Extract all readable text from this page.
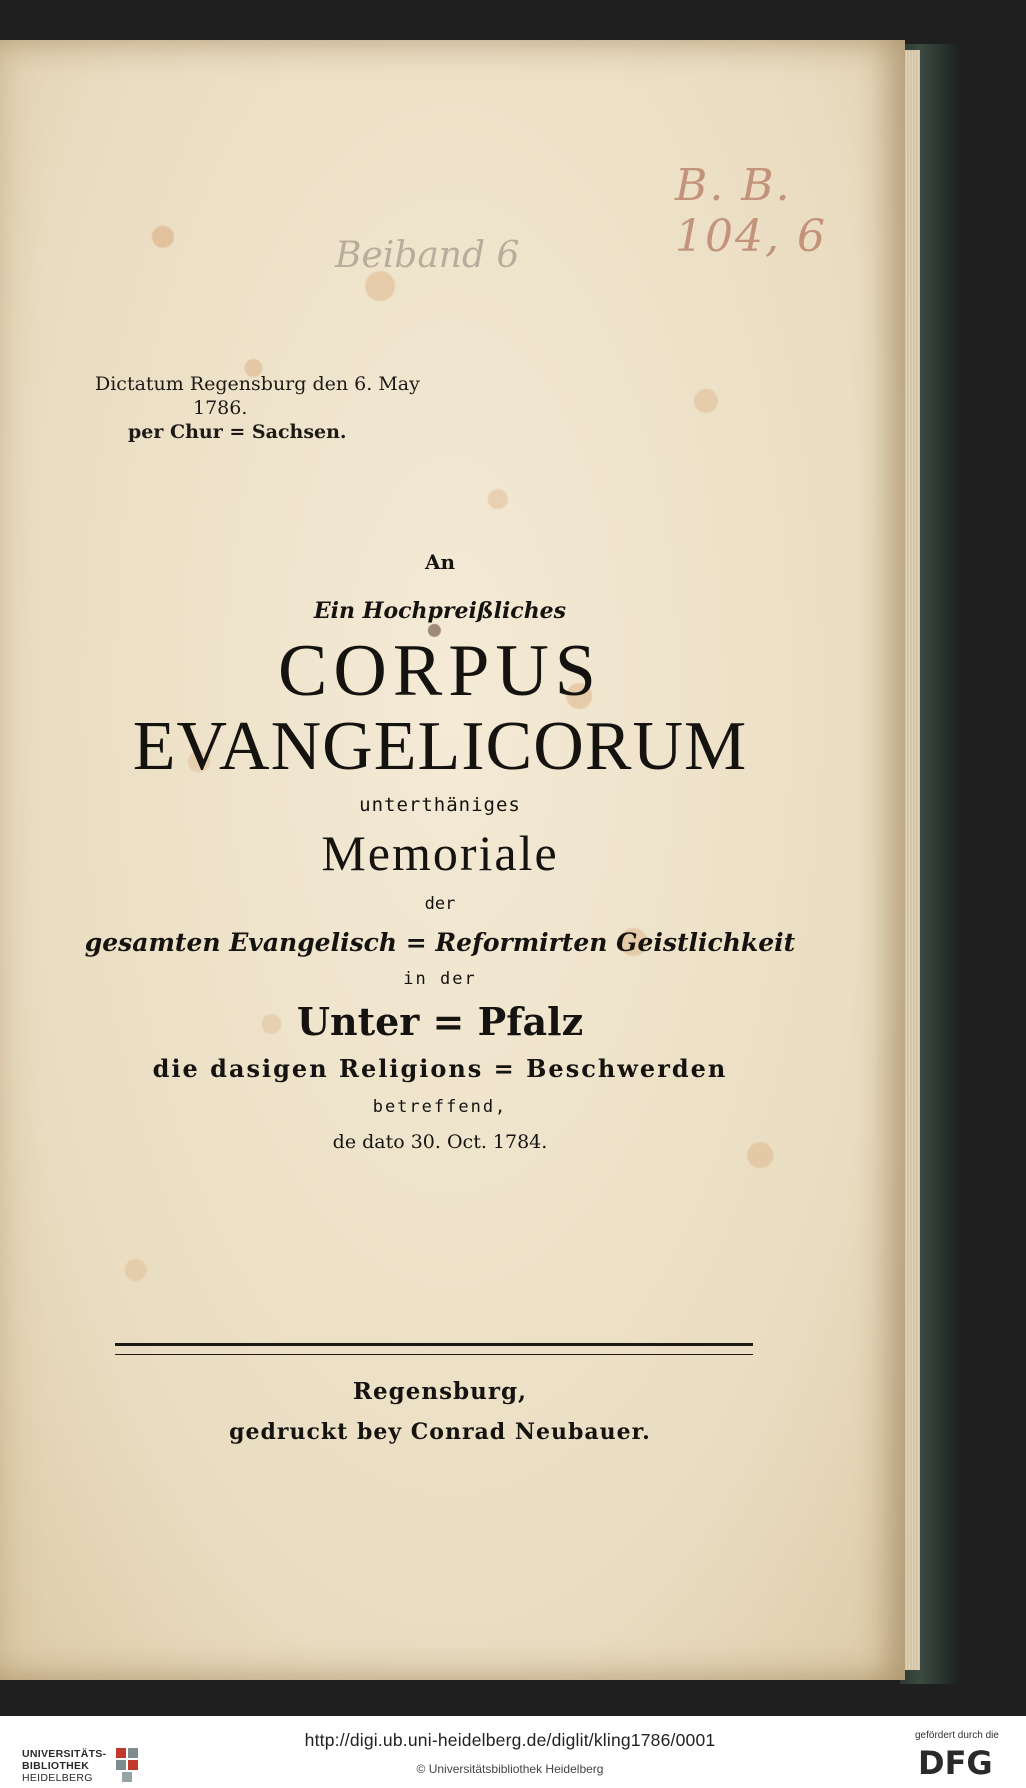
B. B. 104, 6
Beiband 6
Dictatum Regensburg den 6. May
1786.
per Chur = Sachsen.
An
Ein Hochpreißliches
CORPUS
EVANGELICORUM
unterthäniges
Memoriale
der
gesamten Evangelisch = Reformirten Geistlichkeit
in der
Unter = Pfalz
die dasigen Religions = Beschwerden
betreffend,
de dato 30. Oct. 1784.
Regensburg,
gedruckt bey Conrad Neubauer.
UNIVERSITÄTS-
BIBLIOTHEK
HEIDELBERG
http://digi.ub.uni-heidelberg.de/diglit/kling1786/0001
© Universitätsbibliothek Heidelberg
gefördert durch die
DFG
